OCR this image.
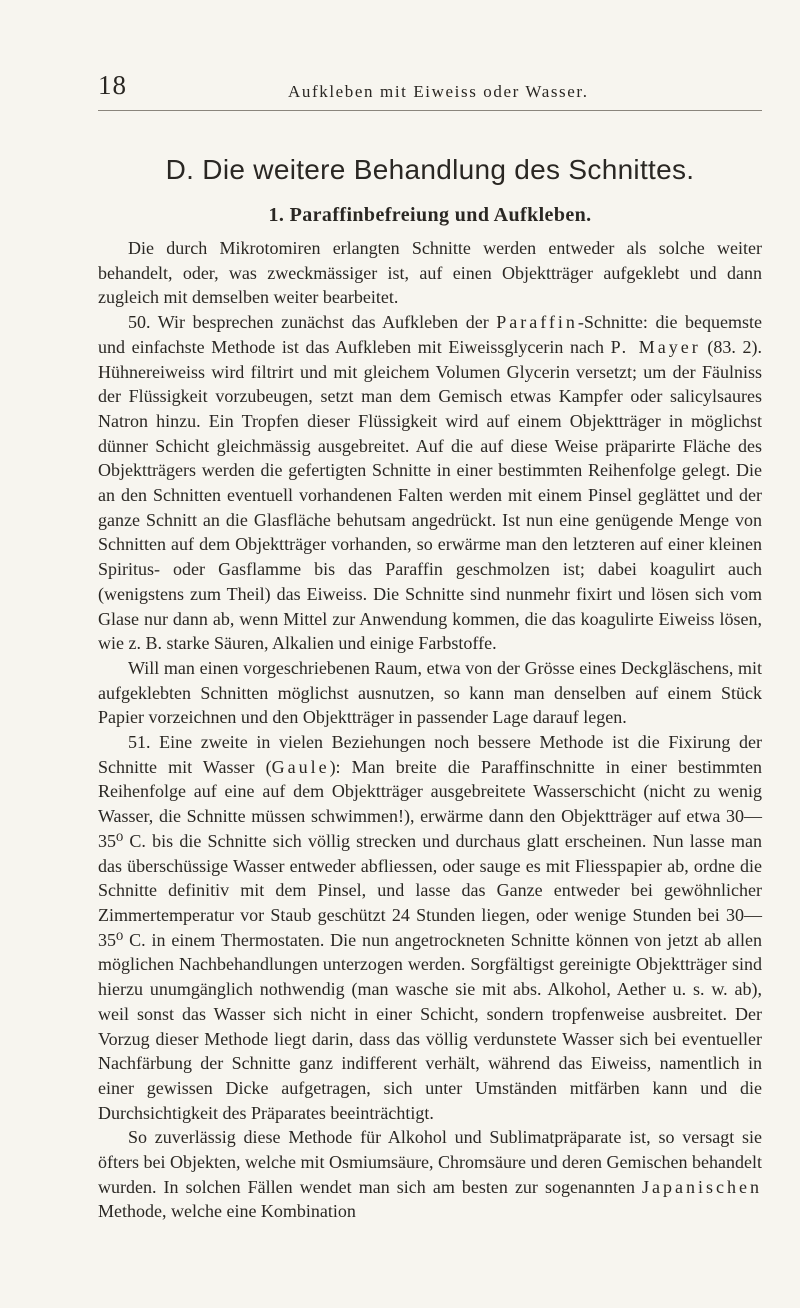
18	Aufkleben mit Eiweiss oder Wasser.
D. Die weitere Behandlung des Schnittes.
1. Paraffinbefreiung und Aufkleben.

Die durch Mikrotomiren erlangten Schnitte werden entweder als solche weiter behandelt, oder, was zweckmässiger ist, auf einen Objektträger aufgeklebt und dann zugleich mit demselben weiter bearbeitet.

50. Wir besprechen zunächst das Aufkleben der Paraffin-Schnitte: die bequemste und einfachste Methode ist das Aufkleben mit Eiweissglycerin nach P. Mayer (83. 2). Hühnereiweiss wird filtrirt und mit gleichem Volumen Glycerin versetzt; um der Fäulniss der Flüssigkeit vorzubeugen, setzt man dem Gemisch etwas Kampfer oder salicylsaures Natron hinzu. Ein Tropfen dieser Flüssigkeit wird auf einem Objektträger in möglichst dünner Schicht gleichmässig ausgebreitet. Auf die auf diese Weise präparirte Fläche des Objektträgers werden die gefertigten Schnitte in einer bestimmten Reihenfolge gelegt. Die an den Schnitten eventuell vorhandenen Falten werden mit einem Pinsel geglättet und der ganze Schnitt an die Glasfläche behutsam angedrückt. Ist nun eine genügende Menge von Schnitten auf dem Objektträger vorhanden, so erwärme man den letzteren auf einer kleinen Spiritus- oder Gasflamme bis das Paraffin geschmolzen ist; dabei koagulirt auch (wenigstens zum Theil) das Eiweiss. Die Schnitte sind nunmehr fixirt und lösen sich vom Glase nur dann ab, wenn Mittel zur Anwendung kommen, die das koagulirte Eiweiss lösen, wie z. B. starke Säuren, Alkalien und einige Farbstoffe.

Will man einen vorgeschriebenen Raum, etwa von der Grösse eines Deckgläschens, mit aufgeklebten Schnitten möglichst ausnutzen, so kann man denselben auf einem Stück Papier vorzeichnen und den Objektträger in passender Lage darauf legen.

51. Eine zweite in vielen Beziehungen noch bessere Methode ist die Fixirung der Schnitte mit Wasser (Gaule): Man breite die Paraffinschnitte in einer bestimmten Reihenfolge auf eine auf dem Objektträger ausgebreitete Wasserschicht (nicht zu wenig Wasser, die Schnitte müssen schwimmen!), erwärme dann den Objektträger auf etwa 30—35⁰ C. bis die Schnitte sich völlig strecken und durchaus glatt erscheinen. Nun lasse man das überschüssige Wasser entweder abfliessen, oder sauge es mit Fliesspapier ab, ordne die Schnitte definitiv mit dem Pinsel, und lasse das Ganze entweder bei gewöhnlicher Zimmertemperatur vor Staub geschützt 24 Stunden liegen, oder wenige Stunden bei 30—35⁰ C. in einem Thermostaten. Die nun angetrockneten Schnitte können von jetzt ab allen möglichen Nachbehandlungen unterzogen werden. Sorgfältigst gereinigte Objektträger sind hierzu unumgänglich nothwendig (man wasche sie mit abs. Alkohol, Aether u. s. w. ab), weil sonst das Wasser sich nicht in einer Schicht, sondern tropfenweise ausbreitet. Der Vorzug dieser Methode liegt darin, dass das völlig verdunstete Wasser sich bei eventueller Nachfärbung der Schnitte ganz indifferent verhält, während das Eiweiss, namentlich in einer gewissen Dicke aufgetragen, sich unter Umständen mitfärben kann und die Durchsichtigkeit des Präparates beeinträchtigt.

So zuverlässig diese Methode für Alkohol und Sublimatpräparate ist, so versagt sie öfters bei Objekten, welche mit Osmiumsäure, Chromsäure und deren Gemischen behandelt wurden. In solchen Fällen wendet man sich am besten zur sogenannten Japanischen Methode, welche eine Kombination
